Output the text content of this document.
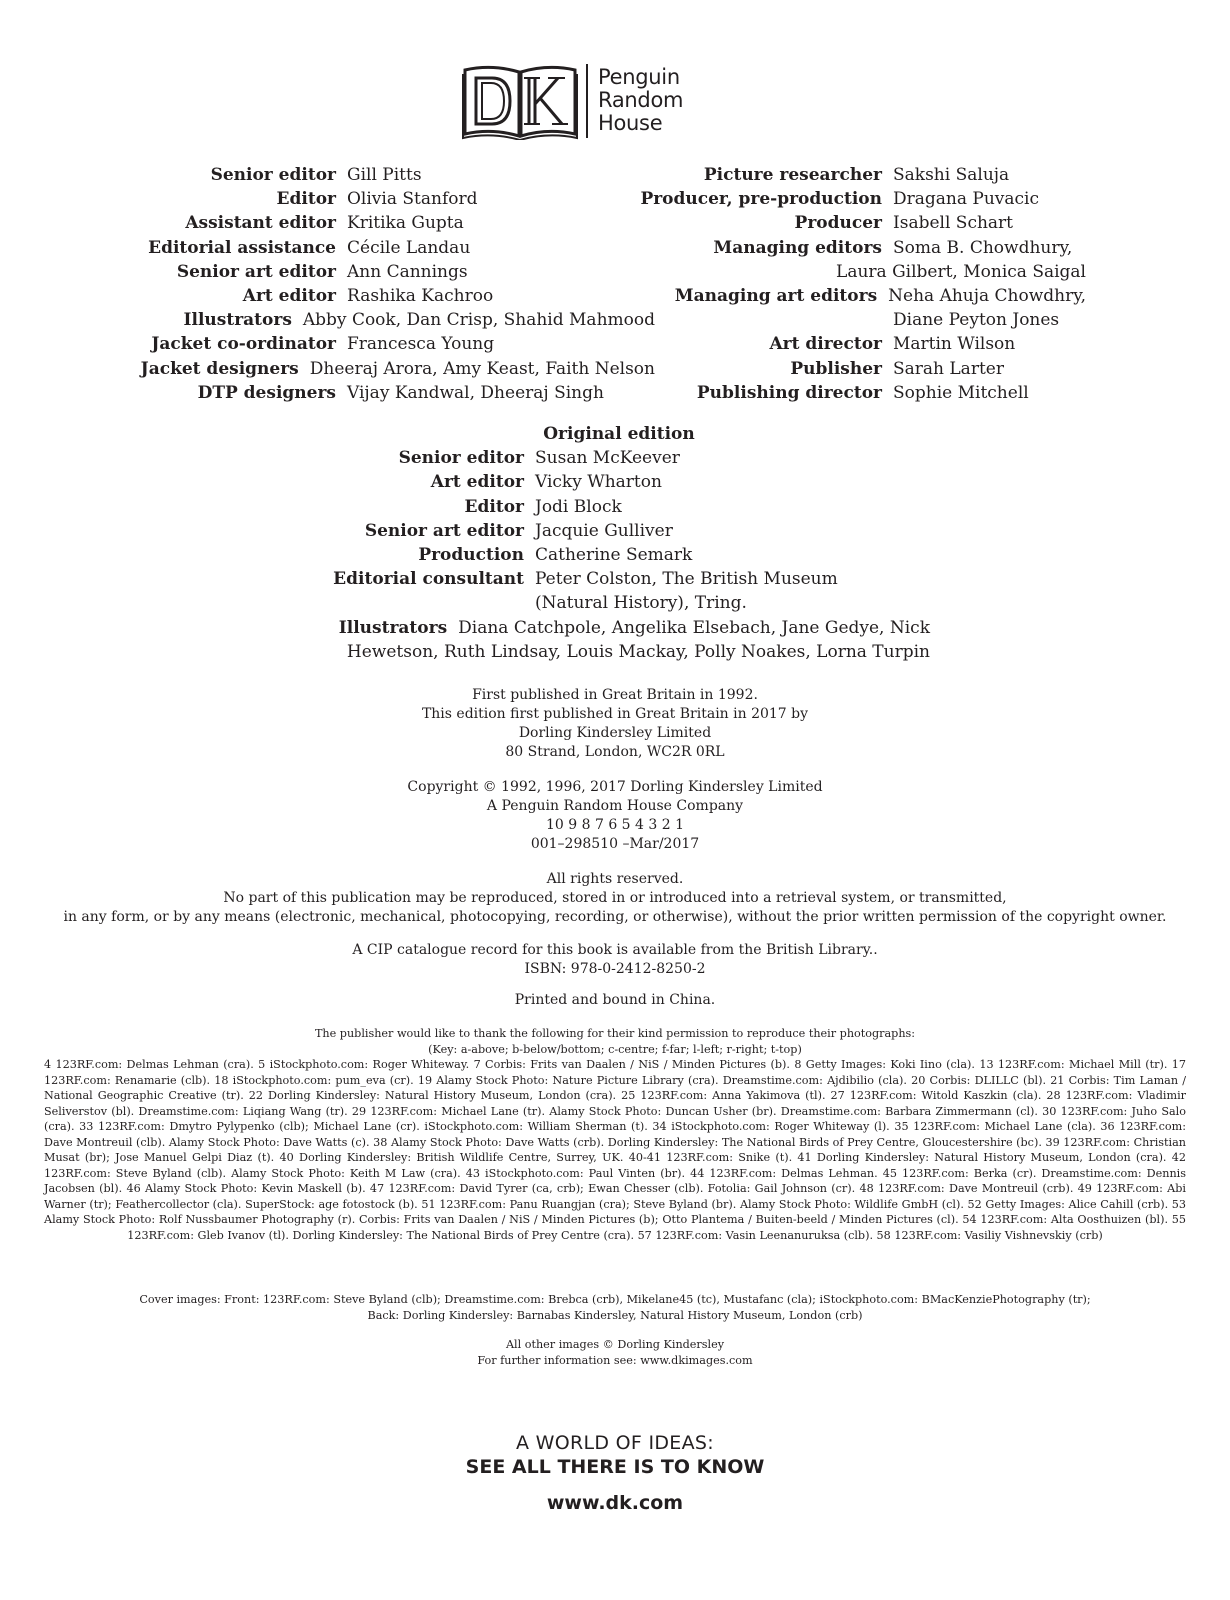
Penguin
Random
House
Senior editor Gill Pitts
Editor Olivia Stanford
Assistant editor Kritika Gupta
Editorial assistance Cécile Landau
Senior art editor Ann Cannings
Art editor Rashika Kachroo
Illustrators Abby Cook, Dan Crisp, Shahid Mahmood
Jacket co-ordinator Francesca Young
Jacket designers Dheeraj Arora, Amy Keast, Faith Nelson
DTP designers Vijay Kandwal, Dheeraj Singh
Picture researcher Sakshi Saluja
Producer, pre-production Dragana Puvacic
Producer Isabell Schart
Managing editors Soma B. Chowdhury,
Laura Gilbert, Monica Saigal
Managing art editors Neha Ahuja Chowdhry,
Diane Peyton Jones
Art director Martin Wilson
Publisher Sarah Larter
Publishing director Sophie Mitchell
Original edition
Senior editor Susan McKeever
Art editor Vicky Wharton
Editor Jodi Block
Senior art editor Jacquie Gulliver
Production Catherine Semark
Editorial consultant Peter Colston, The British Museum
(Natural History), Tring.
Illustrators Diana Catchpole, Angelika Elsebach, Jane Gedye, Nick
Hewetson, Ruth Lindsay, Louis Mackay, Polly Noakes, Lorna Turpin
First published in Great Britain in 1992.
This edition first published in Great Britain in 2017 by
Dorling Kindersley Limited
80 Strand, London, WC2R 0RL
Copyright © 1992, 1996, 2017 Dorling Kindersley Limited
A Penguin Random House Company
10 9 8 7 6 5 4 3 2 1
001–298510 –Mar/2017
All rights reserved.
No part of this publication may be reproduced, stored in or introduced into a retrieval system, or transmitted,
in any form, or by any means (electronic, mechanical, photocopying, recording, or otherwise), without the prior written permission of the copyright owner.
A CIP catalogue record for this book is available from the British Library..
ISBN: 978-0-2412-8250-2
Printed and bound in China.
The publisher would like to thank the following for their kind permission to reproduce their photographs:
(Key: a-above; b-below/bottom; c-centre; f-far; l-left; r-right; t-top)
4 123RF.com: Delmas Lehman (cra). 5 iStockphoto.com: Roger Whiteway. 7 Corbis: Frits van Daalen / NiS / Minden Pictures (b). 8 Getty Images: Koki Iino (cla). 13 123RF.com: Michael Mill (tr). 17 123RF.com: Renamarie (clb). 18 iStockphoto.com: pum_eva (cr). 19 Alamy Stock Photo: Nature Picture Library (cra). Dreamstime.com: Ajdibilio (cla). 20 Corbis: DLILLC (bl). 21 Corbis: Tim Laman / National Geographic Creative (tr). 22 Dorling Kindersley: Natural History Museum, London (cra). 25 123RF.com: Anna Yakimova (tl). 27 123RF.com: Witold Kaszkin (cla). 28 123RF.com: Vladimir Seliverstov (bl). Dreamstime.com: Liqiang Wang (tr). 29 123RF.com: Michael Lane (tr). Alamy Stock Photo: Duncan Usher (br). Dreamstime.com: Barbara Zimmermann (cl). 30 123RF.com: Juho Salo (cra). 33 123RF.com: Dmytro Pylypenko (clb); Michael Lane (cr). iStockphoto.com: William Sherman (t). 34 iStockphoto.com: Roger Whiteway (l). 35 123RF.com: Michael Lane (cla). 36 123RF.com: Dave Montreuil (clb). Alamy Stock Photo: Dave Watts (c). 38 Alamy Stock Photo: Dave Watts (crb). Dorling Kindersley: The National Birds of Prey Centre, Gloucestershire (bc). 39 123RF.com: Christian Musat (br); Jose Manuel Gelpi Diaz (t). 40 Dorling Kindersley: British Wildlife Centre, Surrey, UK. 40-41 123RF.com: Snike (t). 41 Dorling Kindersley: Natural History Museum, London (cra). 42 123RF.com: Steve Byland (clb). Alamy Stock Photo: Keith M Law (cra). 43 iStockphoto.com: Paul Vinten (br). 44 123RF.com: Delmas Lehman. 45 123RF.com: Berka (cr). Dreamstime.com: Dennis Jacobsen (bl). 46 Alamy Stock Photo: Kevin Maskell (b). 47 123RF.com: David Tyrer (ca, crb); Ewan Chesser (clb). Fotolia: Gail Johnson (cr). 48 123RF.com: Dave Montreuil (crb). 49 123RF.com: Abi Warner (tr); Feathercollector (cla). SuperStock: age fotostock (b). 51 123RF.com: Panu Ruangjan (cra); Steve Byland (br). Alamy Stock Photo: Wildlife GmbH (cl). 52 Getty Images: Alice Cahill (crb). 53 Alamy Stock Photo: Rolf Nussbaumer Photography (r). Corbis: Frits van Daalen / NiS / Minden Pictures (b); Otto Plantema / Buiten-beeld / Minden Pictures (cl). 54 123RF.com: Alta Oosthuizen (bl). 55 123RF.com: Gleb Ivanov (tl). Dorling Kindersley: The National Birds of Prey Centre (cra). 57 123RF.com: Vasin Leenanuruksa (clb). 58 123RF.com: Vasiliy Vishnevskiy (crb)
Cover images: Front: 123RF.com: Steve Byland (clb); Dreamstime.com: Brebca (crb), Mikelane45 (tc), Mustafanc (cla); iStockphoto.com: BMacKenziePhotography (tr);
Back: Dorling Kindersley: Barnabas Kindersley, Natural History Museum, London (crb)
All other images © Dorling Kindersley
For further information see: www.dkimages.com
A WORLD OF IDEAS:
SEE ALL THERE IS TO KNOW
www.dk.com
